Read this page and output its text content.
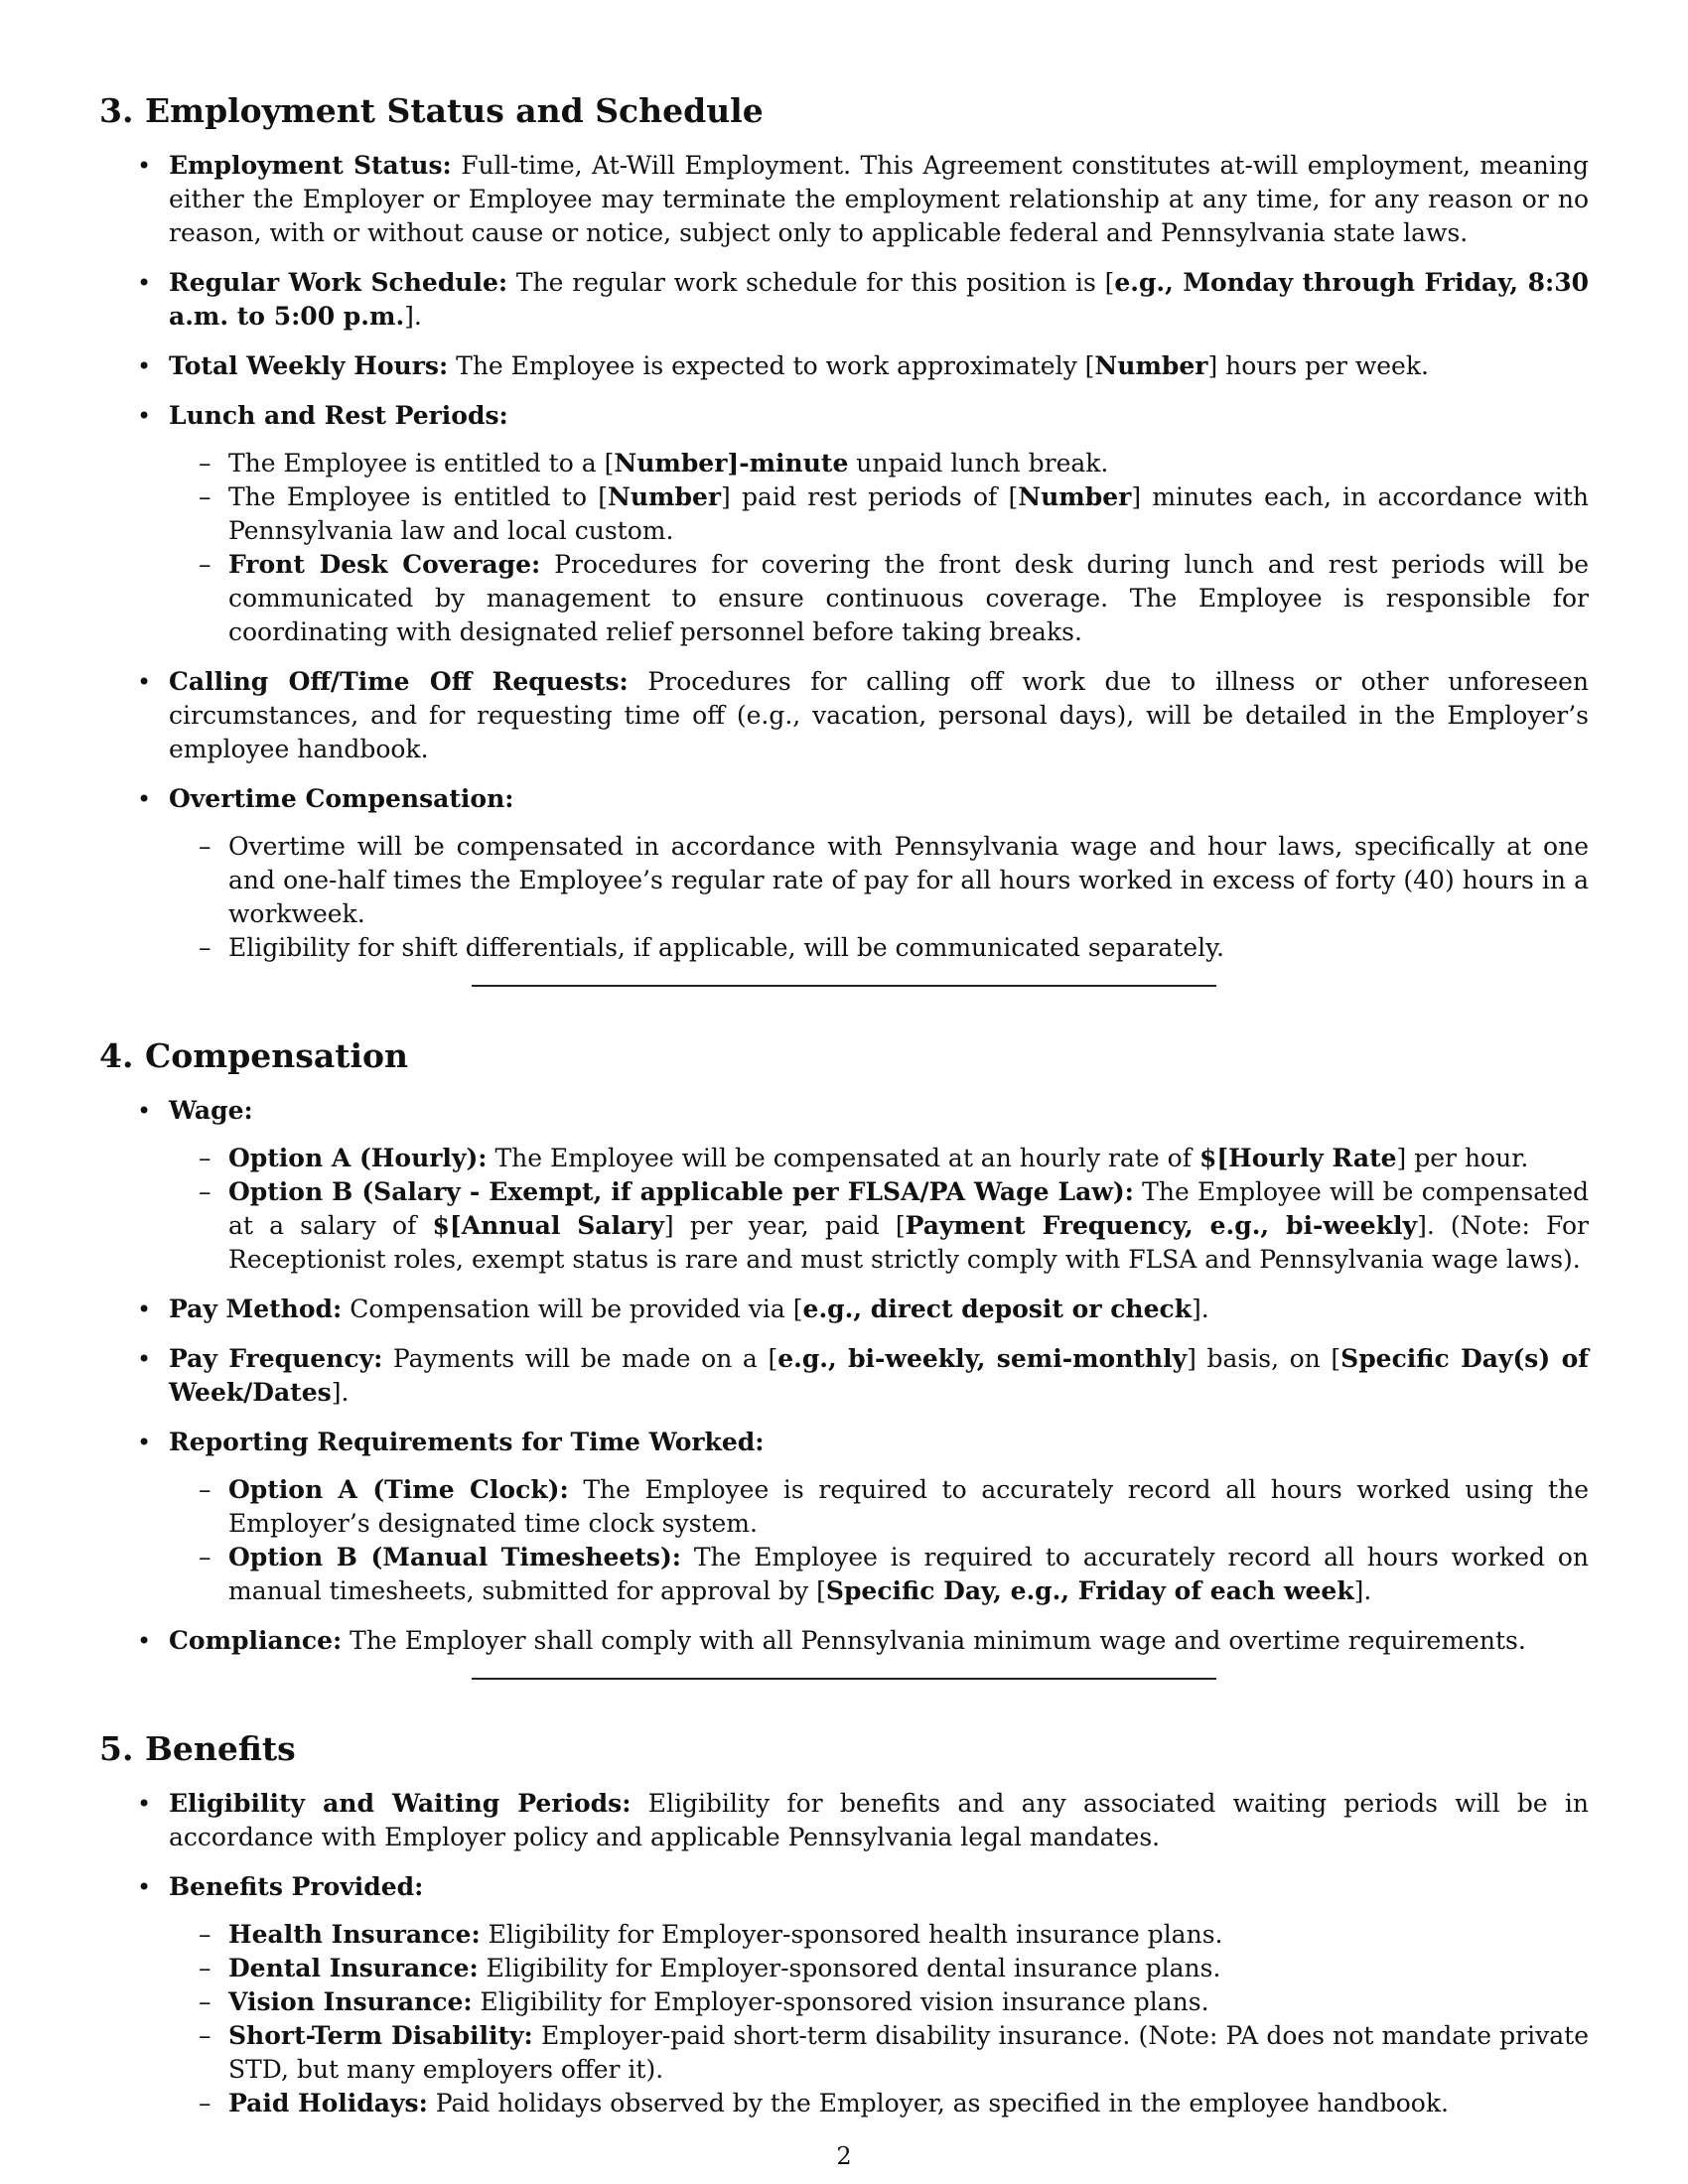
3. Employment Status and Schedule
• Employment Status: Full-time, At-Will Employment. This Agreement constitutes at-will employment, meaning either the Employer or Employee may terminate the employment relationship at any time, for any reason or no reason, with or without cause or notice, subject only to applicable federal and Pennsylvania state laws.
• Regular Work Schedule: The regular work schedule for this position is [e.g., Monday through Friday, 8:30 a.m. to 5:00 p.m.].
• Total Weekly Hours: The Employee is expected to work approximately [Number] hours per week.
• Lunch and Rest Periods:
– The Employee is entitled to a [Number]-minute unpaid lunch break.
– The Employee is entitled to [Number] paid rest periods of [Number] minutes each, in accordance with Pennsylvania law and local custom.
– Front Desk Coverage: Procedures for covering the front desk during lunch and rest periods will be communicated by management to ensure continuous coverage. The Employee is responsible for coordinating with designated relief personnel before taking breaks.
• Calling Off/Time Off Requests: Procedures for calling off work due to illness or other unforeseen circumstances, and for requesting time off (e.g., vacation, personal days), will be detailed in the Employer’s employee handbook.
• Overtime Compensation:
– Overtime will be compensated in accordance with Pennsylvania wage and hour laws, specifically at one and one-half times the Employee’s regular rate of pay for all hours worked in excess of forty (40) hours in a workweek.
– Eligibility for shift differentials, if applicable, will be communicated separately.
4. Compensation
• Wage:
– Option A (Hourly): The Employee will be compensated at an hourly rate of $[Hourly Rate] per hour.
– Option B (Salary - Exempt, if applicable per FLSA/PA Wage Law): The Employee will be compensated at a salary of $[Annual Salary] per year, paid [Payment Frequency, e.g., bi-weekly]. (Note: For Receptionist roles, exempt status is rare and must strictly comply with FLSA and Pennsylvania wage laws).
• Pay Method: Compensation will be provided via [e.g., direct deposit or check].
• Pay Frequency: Payments will be made on a [e.g., bi-weekly, semi-monthly] basis, on [Specific Day(s) of Week/Dates].
• Reporting Requirements for Time Worked:
– Option A (Time Clock): The Employee is required to accurately record all hours worked using the Employer’s designated time clock system.
– Option B (Manual Timesheets): The Employee is required to accurately record all hours worked on manual timesheets, submitted for approval by [Specific Day, e.g., Friday of each week].
• Compliance: The Employer shall comply with all Pennsylvania minimum wage and overtime requirements.
5. Benefits
• Eligibility and Waiting Periods: Eligibility for benefits and any associated waiting periods will be in accordance with Employer policy and applicable Pennsylvania legal mandates.
• Benefits Provided:
– Health Insurance: Eligibility for Employer-sponsored health insurance plans.
– Dental Insurance: Eligibility for Employer-sponsored dental insurance plans.
– Vision Insurance: Eligibility for Employer-sponsored vision insurance plans.
– Short-Term Disability: Employer-paid short-term disability insurance. (Note: PA does not mandate private STD, but many employers offer it).
– Paid Holidays: Paid holidays observed by the Employer, as specified in the employee handbook.
2
